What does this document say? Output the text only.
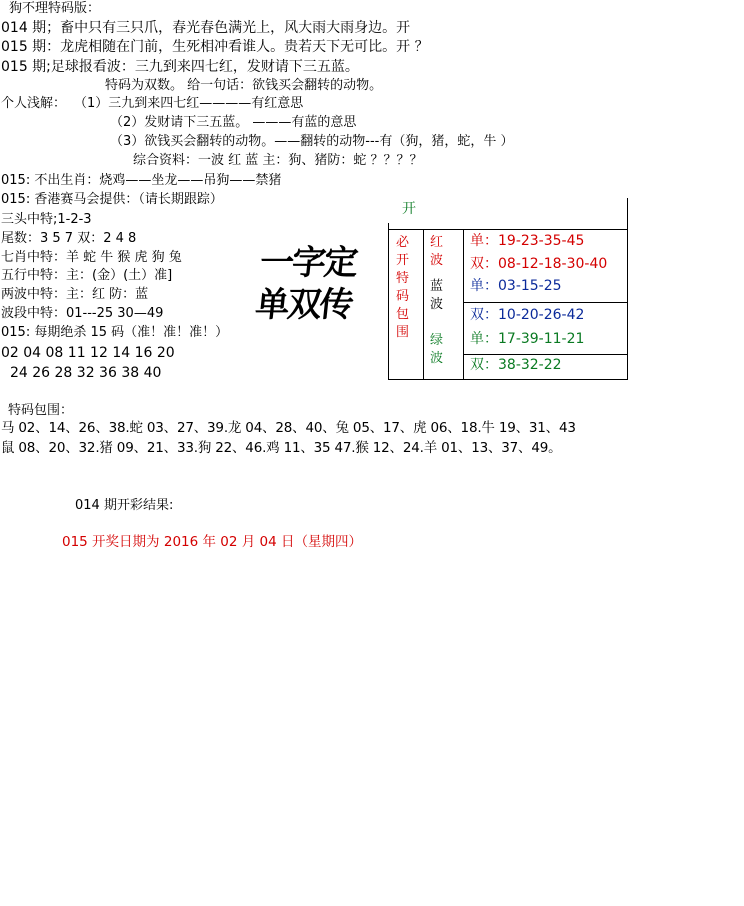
狗不理特码版：
014 期；畜中只有三只爪，春光春色满光上，风大雨大雨身边。开
015 期：龙虎相随在门前，生死相冲看谁人。贵若天下无可比。开 ？
015 期;足球报看波：三九到来四七红，发财请下三五蓝。
特码为双数。 给一句话：欲钱买会翻转的动物。
个人浅解： （1）三九到来四七红————有红意思
（2）发财请下三五蓝。 ———有蓝的意思
（3）欲钱买会翻转的动物。——翻转的动物---有（狗，猪，蛇，牛 ）
综合资料：一波 红 蓝 主：狗、猪防：蛇 ？？？？
015: 不出生肖：烧鸡——坐龙——吊狗——禁猪
015: 香港赛马会提供：（请长期跟踪）
三头中特;1-2-3
尾数：3 5 7 双：2 4 8
七肖中特：羊 蛇 牛 猴 虎 狗 兔
五行中特：主：(金）(土）准]
两波中特：主：红 防：蓝
波段中特：01---25 30—49
015: 每期绝杀 15 码（准！准！准！）
02 04 08 11 12 14 16 20
24 26 28 32 36 38 40
一字定单双传
开
必
开
特
码
包
围
红波
蓝波
绿波
单：19-23-35-45
双：08-12-18-30-40
单：03-15-25
双：10-20-26-42
单：17-39-11-21
双：38-32-22
特码包围：
马 02、14、26、38.蛇 03、27、39.龙 04、28、40、兔 05、17、虎 06、18.牛 19、31、43
鼠 08、20、32.猪 09、21、33.狗 22、46.鸡 11、35 47.猴 12、24.羊 01、13、37、49。
014 期开彩结果:
015 开奖日期为 2016 年 02 月 04 日（星期四）
